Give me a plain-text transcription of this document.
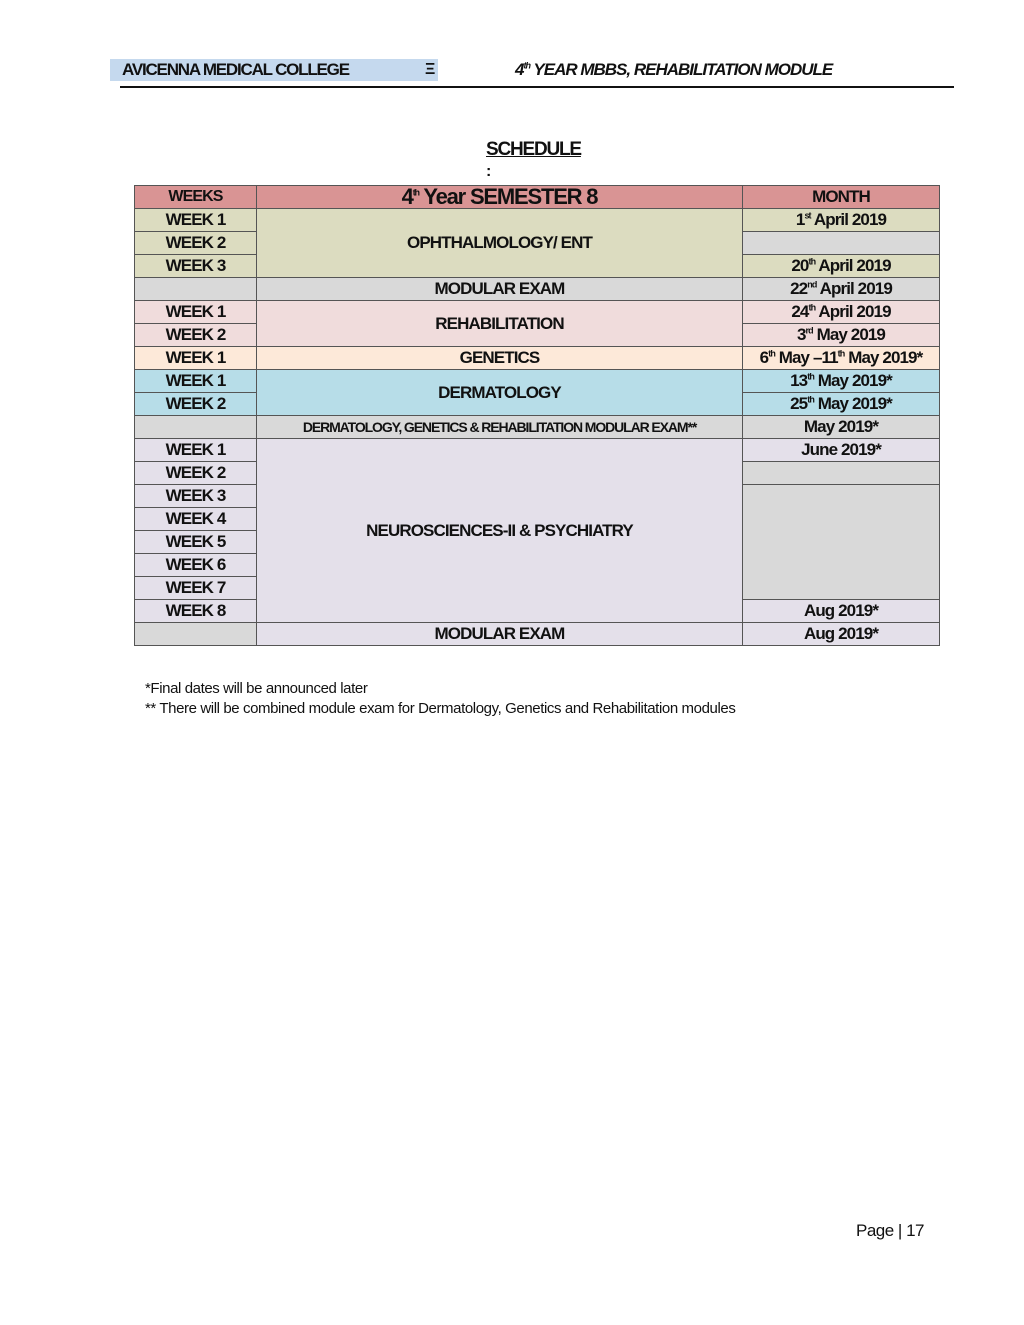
AVICENNA MEDICAL COLLEGE	Ξ	4th YEAR MBBS, REHABILITATION MODULE
SCHEDULE
:
WEEKS	4th Year SEMESTER 8	MONTH
WEEK 1	OPHTHALMOLOGY/ ENT	1st April 2019
WEEK 2		
WEEK 3		20th April 2019
	MODULAR EXAM	22nd April 2019
WEEK 1	REHABILITATION	24th April 2019
WEEK 2		3rd May 2019
WEEK 1	GENETICS	6th May –11th May 2019*
WEEK 1	DERMATOLOGY	13th May 2019*
WEEK 2		25th May 2019*
	DERMATOLOGY, GENETICS & REHABILITATION MODULAR EXAM**	May 2019*
WEEK 1	NEUROSCIENCES-II & PSYCHIATRY	June 2019*
WEEK 2		
WEEK 3		
WEEK 4		
WEEK 5		
WEEK 6		
WEEK 7		
WEEK 8		Aug 2019*
	MODULAR EXAM	Aug 2019*
*Final dates will be announced later
** There will be combined module exam for Dermatology, Genetics and Rehabilitation modules
Page | 17
